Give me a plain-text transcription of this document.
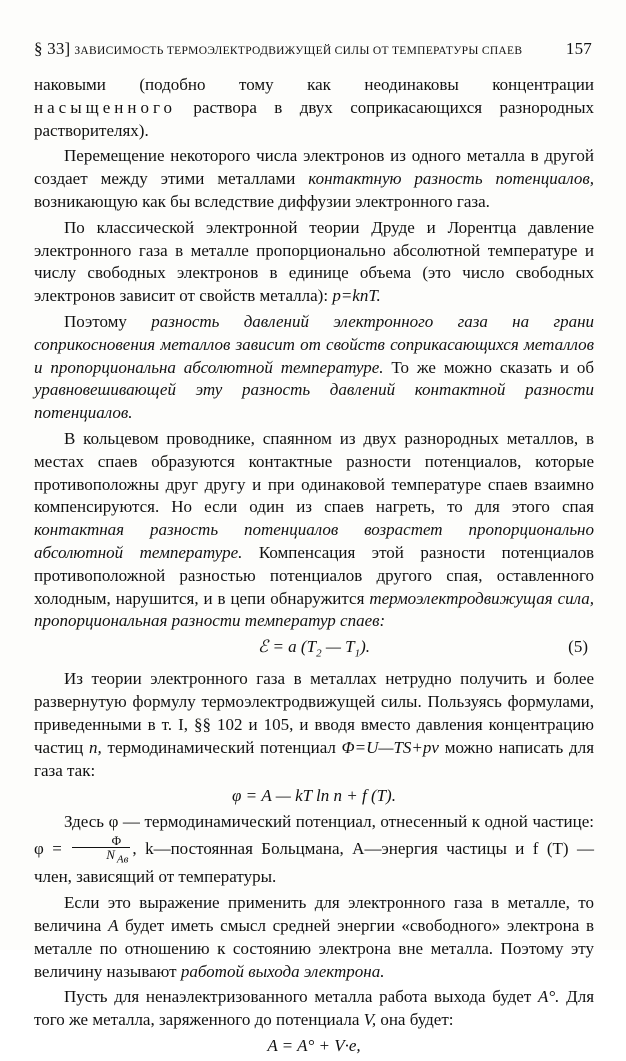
§ 33] ЗАВИСИМОСТЬ ТЕРМОЭЛЕКТРОДВИЖУЩЕЙ СИЛЫ ОТ ТЕМПЕРАТУРЫ СПАЕВ	157

наковыми (подобно тому как неодинаковы концентрации насыщенного раствора в двух соприкасающихся разнородных растворителях).

Перемещение некоторого числа электронов из одного металла в другой создает между этими металлами контактную разность потенциалов, возникающую как бы вследствие диффузии электронного газа.

По классической электронной теории Друде и Лорентца давление электронного газа в металле пропорционально абсолютной температуре и числу свободных электронов в единице объема (это число свободных электронов зависит от свойств металла): p=knT.

Поэтому разность давлений электронного газа на грани соприкосновения металлов зависит от свойств соприкасающихся металлов и пропорциональна абсолютной температуре. То же можно сказать и об уравновешивающей эту разность давлений контактной разности потенциалов.

В кольцевом проводнике, спаянном из двух разнородных металлов, в местах спаев образуются контактные разности потенциалов, которые противоположны друг другу и при одинаковой температуре спаев взаимно компенсируются. Но если один из спаев нагреть, то для этого спая контактная разность потенциалов возрастет пропорционально абсолютной температуре. Компенсация этой разности потенциалов противоположной разностью потенциалов другого спая, оставленного холодным, нарушится, и в цепи обнаружится термоэлектродвижущая сила, пропорциональная разности температур спаев:

ℰ = a ($T_2$ — $T_1$).	(5)

Из теории электронного газа в металлах нетрудно получить и более развернутую формулу термоэлектродвижущей силы. Пользуясь формулами, приведенными в т. I, §§ 102 и 105, и вводя вместо давления концентрацию частиц n, термодинамический потенциал Φ=U—TS+pv можно написать для газа так:

φ = A — kT ln n + f (T).

Здесь φ — термодинамический потенциал, отнесенный к одной частице: $\varphi = \frac{\Phi}{N _{Ав}}$ , k—постоянная Больцмана, A—энергия частицы и f (T) — член, зависящий от температуры.

Если это выражение применить для электронного газа в металле, то величина A будет иметь смысл средней энергии «свободного» электрона в металле по отношению к состоянию электрона вне металла. Поэтому эту величину называют работой выхода электрона.

Пусть для ненаэлектризованного металла работа выхода будет A°. Для того же металла, заряженного до потенциала V, она будет:

A = A° + V·e,
